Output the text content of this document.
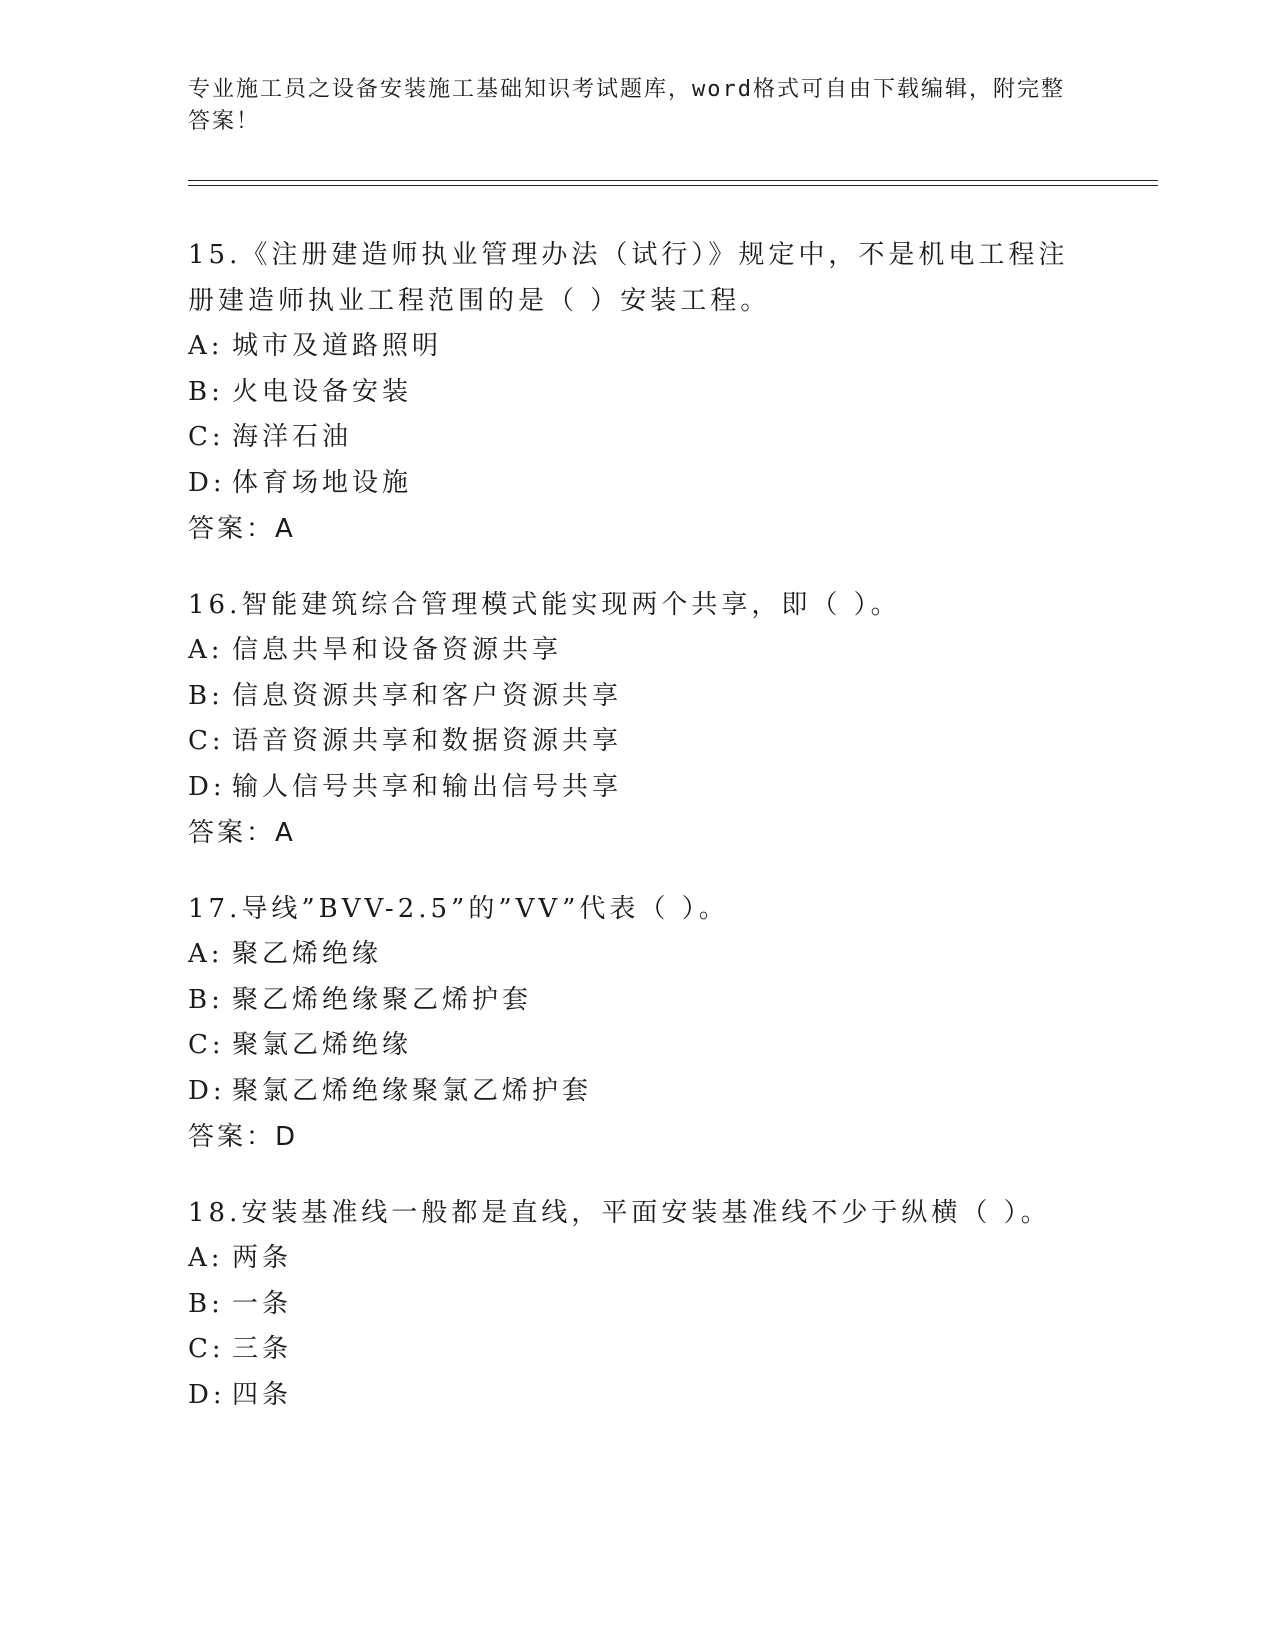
专业施工员之设备安装施工基础知识考试题库，word格式可自由下载编辑，附完整答案！

15.《注册建造师执业管理办法（试行）》规定中，不是机电工程注册建造师执业工程范围的是（ ）安装工程。

A: 城市及道路照明
B: 火电设备安装
C: 海洋石油
D: 体育场地设施
答案：A

16.智能建筑综合管理模式能实现两个共享，即（ ）。

A: 信息共旱和设备资源共享
B: 信息资源共享和客户资源共享
C: 语音资源共享和数据资源共享
D: 输人信号共享和输出信号共享
答案：A

17.导线”BVV-2.5”的”VV”代表（ ）。

A: 聚乙烯绝缘
B: 聚乙烯绝缘聚乙烯护套
C: 聚氯乙烯绝缘
D: 聚氯乙烯绝缘聚氯乙烯护套
答案：D

18.安装基准线一般都是直线，平面安装基准线不少于纵横（ ）。

A: 两条
B: 一条
C: 三条
D: 四条
